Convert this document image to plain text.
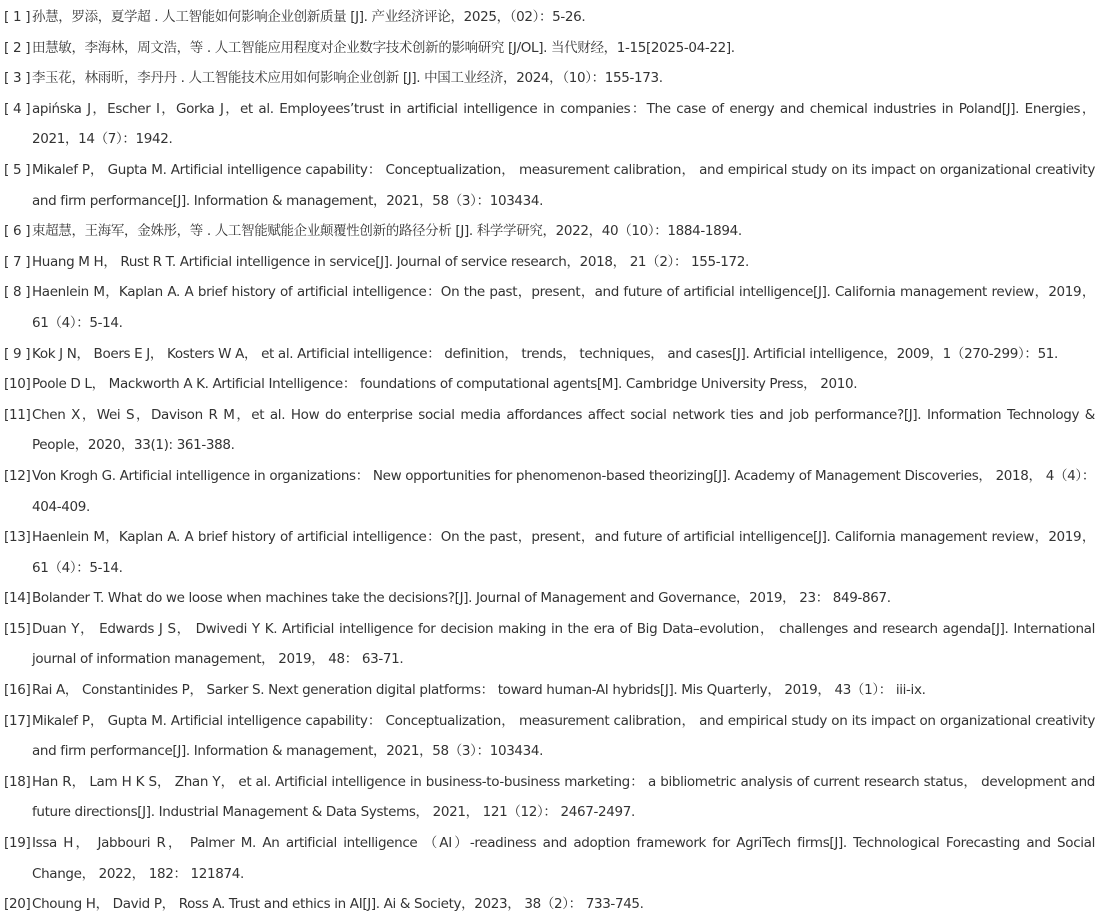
[ 1 ] 孙慧，罗添，夏学超 . 人工智能如何影响企业创新质量 [J]. 产业经济评论，2025，（02）：5-26.
[ 2 ] 田慧敏，李海林，周文浩，等 . 人工智能应用程度对企业数字技术创新的影响研究 [J/OL]. 当代财经，1-15[2025-04-22].
[ 3 ] 李玉花，林雨昕，李丹丹 . 人工智能技术应用如何影响企业创新 [J]. 中国工业经济，2024，（10）：155-173.
[ 4 ] apińska J，Escher I，Gorka J，et al. Employees’trust in artificial intelligence in companies：The case of energy and chemical industries in Poland[J]. Energies，2021，14（7）：1942.
[ 5 ] Mikalef P， Gupta M. Artificial intelligence capability： Conceptualization， measurement calibration， and empirical study on its impact on organizational creativity and firm performance[J]. Information & management，2021，58（3）：103434.
[ 6 ] 束超慧，王海军，金姝彤，等 . 人工智能赋能企业颠覆性创新的路径分析 [J]. 科学学研究，2022，40（10）：1884-1894.
[ 7 ] Huang M H， Rust R T. Artificial intelligence in service[J]. Journal of service research，2018， 21（2）： 155-172.
[ 8 ] Haenlein M，Kaplan A. A brief history of artificial intelligence：On the past，present，and future of artificial intelligence[J]. California management review，2019，61（4）：5-14.
[ 9 ] Kok J N， Boers E J， Kosters W A， et al. Artificial intelligence： definition， trends， techniques， and cases[J]. Artificial intelligence，2009，1（270-299）：51.
[10] Poole D L， Mackworth A K. Artificial Intelligence： foundations of computational agents[M]. Cambridge University Press， 2010.
[11] Chen X，Wei S，Davison R M，et al. How do enterprise social media affordances affect social network ties and job performance?[J]. Information Technology & People，2020，33(1): 361-388.
[12] Von Krogh G. Artificial intelligence in organizations： New opportunities for phenomenon-based theorizing[J]. Academy of Management Discoveries， 2018， 4（4）： 404-409.
[13] Haenlein M，Kaplan A. A brief history of artificial intelligence：On the past，present，and future of artificial intelligence[J]. California management review，2019，61（4）：5-14.
[14] Bolander T. What do we loose when machines take the decisions?[J]. Journal of Management and Governance，2019， 23： 849-867.
[15] Duan Y， Edwards J S， Dwivedi Y K. Artificial intelligence for decision making in the era of Big Data–evolution， challenges and research agenda[J]. International journal of information management， 2019， 48： 63-71.
[16] Rai A， Constantinides P， Sarker S. Next generation digital platforms： toward human-AI hybrids[J]. Mis Quarterly， 2019， 43（1）： iii-ix.
[17] Mikalef P， Gupta M. Artificial intelligence capability： Conceptualization， measurement calibration， and empirical study on its impact on organizational creativity and firm performance[J]. Information & management，2021，58（3）：103434.
[18] Han R， Lam H K S， Zhan Y， et al. Artificial intelligence in business-to-business marketing： a bibliometric analysis of current research status， development and future directions[J]. Industrial Management & Data Systems， 2021， 121（12）： 2467-2497.
[19] Issa H， Jabbouri R， Palmer M. An artificial intelligence （AI）-readiness and adoption framework for AgriTech firms[J]. Technological Forecasting and Social Change， 2022， 182： 121874.
[20] Choung H， David P， Ross A. Trust and ethics in AI[J]. Ai & Society，2023， 38（2）： 733-745.
